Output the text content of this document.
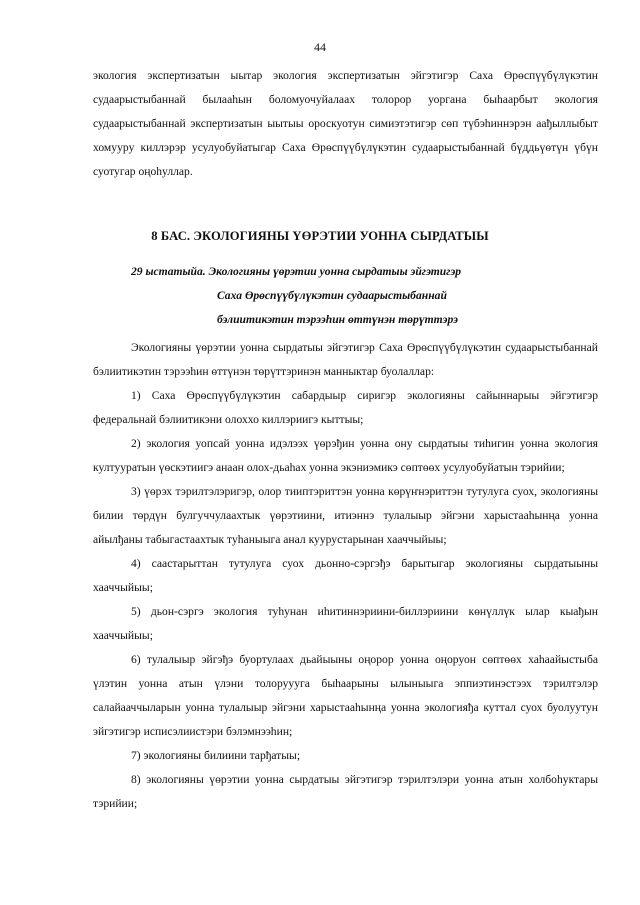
44

экология экспертизатын ыытар экология экспертизатын эйгэтигэр Саха Өрөспүүбүлүкэтин судаарыстыбаннай былааһын боломуочуйалаах толорор уорганa быһаарбыт экология судаарыстыбаннай экспертизатын ыытыы ороскуотун симиэтэтигэр сөп түбэһиннэрэн аађыллыбыт хомуурy киллэрэр усулуобуйатыгар Саха Өрөспүүбүлүкэтин судаарыстыбаннай бүддьүөтүн үбүн суотугар оңоһуллар.

8 БАС. ЭКОЛОГИЯНЫ ҮӨРЭТИИ УОННА СЫРДАТЫЫ
29 ыстатыйа. Экологияны үөрэтии уонна сырдатыы эйгэтигэр
Саха Өрөспүүбүлүкэтин судаарыстыбаннай
бэлиитикэтин тэрээһин өттүнэн төрүттэрэ

Экологияны үөрэтии уонна сырдатыы эйгэтигэр Саха Өрөспүүбүлүкэтин судаарыстыбаннай бэлиитикэтин тэрээһин өттүнэн төрүттэринэн манныктар буолаллар:

1) Саха Өрөспүүбүлүкэтин сабардыыр сиригэр экологияны сайыннарыы эйгэтигэр федеральнай бэлиитикэни олоххо киллэриигэ кыттыы;

2) экология уопсай уонна идэлээх үөрэђин уонна ону сырдатыы тиһигин уонна экология култууратын үөскэтиигэ анаан олох-дьаһах уонна экэниэмикэ сөптөөх усулуобуйатын тэрийии;

3) үөрэх тэрилтэлэригэр, олор тииптэриттэн уонна көрүҥнэриттэн тутулуга суох, экологияны билии төрдүн булгуччулаахтык үөрэтиини, итиэннэ тулалыыр эйгэни харыстааһынңа уонна айылђаны табыгастаахтык туһаныыга анал куурустарынан хааччыйыы;

4) сааcтарыттан тутулуга суох дьоннo-сэргэђэ барытыгар экологияны сырдатыыны хааччыйыы;

5) дьон-сэргэ экология туһунан иһитиннэриини-биллэриини көнүллүк ылар кыађын хааччыйыы;

6) тулалыыр эйгэђэ буортулаах дьайыыны оңорор уонна оңоруон сөптөөх хаһаайыстыба үлэтин уонна атын үлэни толоруууга быһаарыны ылыныыга эппиэтинэстээх тэрилтэлэр салайааччыларын уонна тулалыыр эйгэни харыстааһынңа уонна экологияђа куттал суох буолуутун эйгэтигэр исписэлиистэри бэлэмнээһин;

7) экологияны билиини тарђатыы;

8) экологияны үөрэтии уонна сырдатыы эйгэтигэр тэрилтэлэри уонна атын холбоһуктары тэрийии;
